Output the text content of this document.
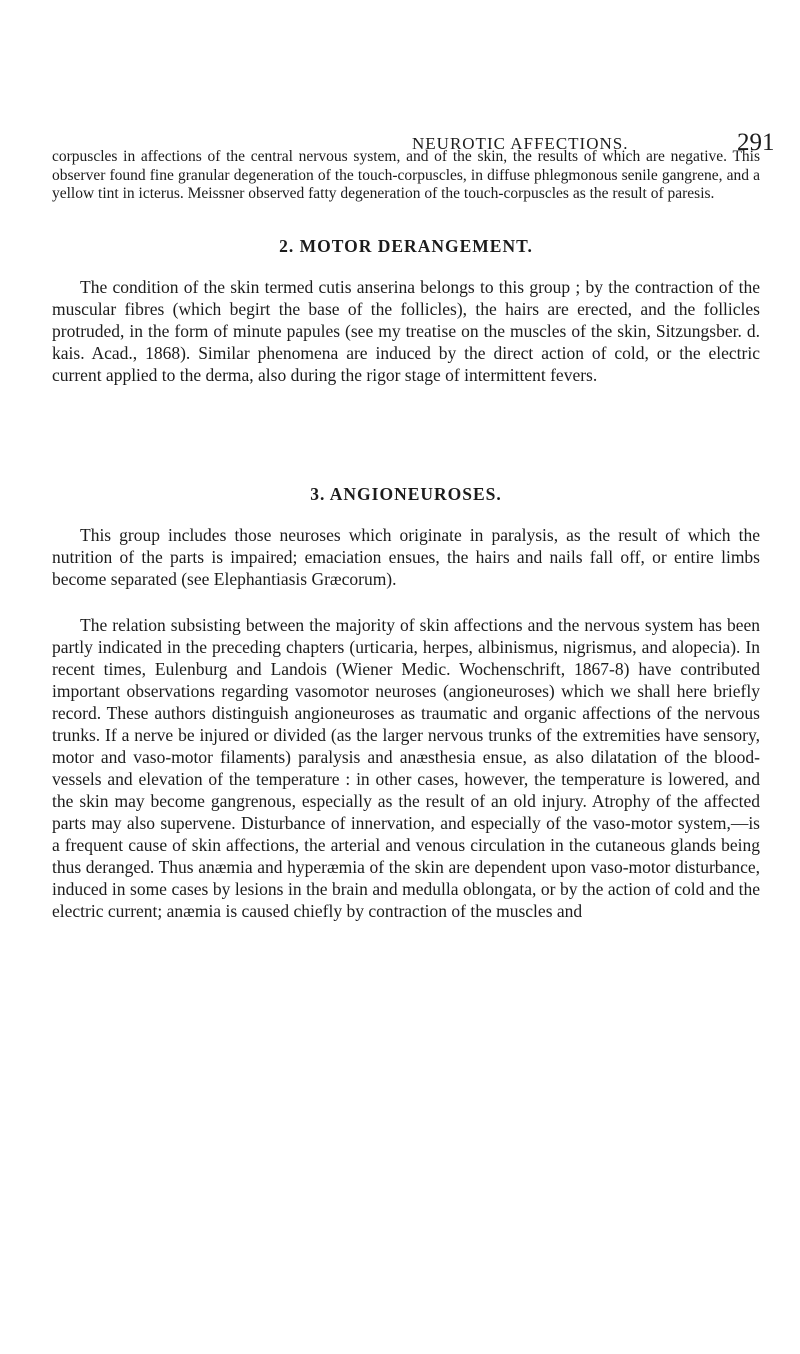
NEUROTIC AFFECTIONS.	291

corpuscles in affections of the central nervous system, and of the skin, the results of which are negative. This observer found fine granular degeneration of the touch-corpuscles, in diffuse phlegmonous senile gangrene, and a yellow tint in icterus. Meissner observed fatty degeneration of the touch-corpuscles as the result of paresis.

2. MOTOR DERANGEMENT.

The condition of the skin termed cutis anserina belongs to this group ; by the contraction of the muscular fibres (which begirt the base of the follicles), the hairs are erected, and the follicles protruded, in the form of minute papules (see my treatise on the muscles of the skin, Sitzungsber. d. kais. Acad., 1868). Similar phenomena are induced by the direct action of cold, or the electric current applied to the derma, also during the rigor stage of intermittent fevers.

3. ANGIONEUROSES.

This group includes those neuroses which originate in paralysis, as the result of which the nutrition of the parts is impaired; emaciation ensues, the hairs and nails fall off, or entire limbs become separated (see Elephantiasis Græcorum).

The relation subsisting between the majority of skin affections and the nervous system has been partly indicated in the preceding chapters (urticaria, herpes, albinismus, nigrismus, and alopecia). In recent times, Eulenburg and Landois (Wiener Medic. Wochenschrift, 1867-8) have contributed important observations regarding vasomotor neuroses (angioneuroses) which we shall here briefly record. These authors distinguish angioneuroses as traumatic and organic affections of the nervous trunks. If a nerve be injured or divided (as the larger nervous trunks of the extremities have sensory, motor and vaso-motor filaments) paralysis and anæsthesia ensue, as also dilatation of the blood-vessels and elevation of the temperature : in other cases, however, the temperature is lowered, and the skin may become gangrenous, especially as the result of an old injury. Atrophy of the affected parts may also supervene. Disturbance of innervation, and especially of the vaso-motor system,—is a frequent cause of skin affections, the arterial and venous circulation in the cutaneous glands being thus deranged. Thus anæmia and hyperæmia of the skin are dependent upon vaso-motor disturbance, induced in some cases by lesions in the brain and medulla oblongata, or by the action of cold and the electric current; anæmia is caused chiefly by contraction of the muscles and
